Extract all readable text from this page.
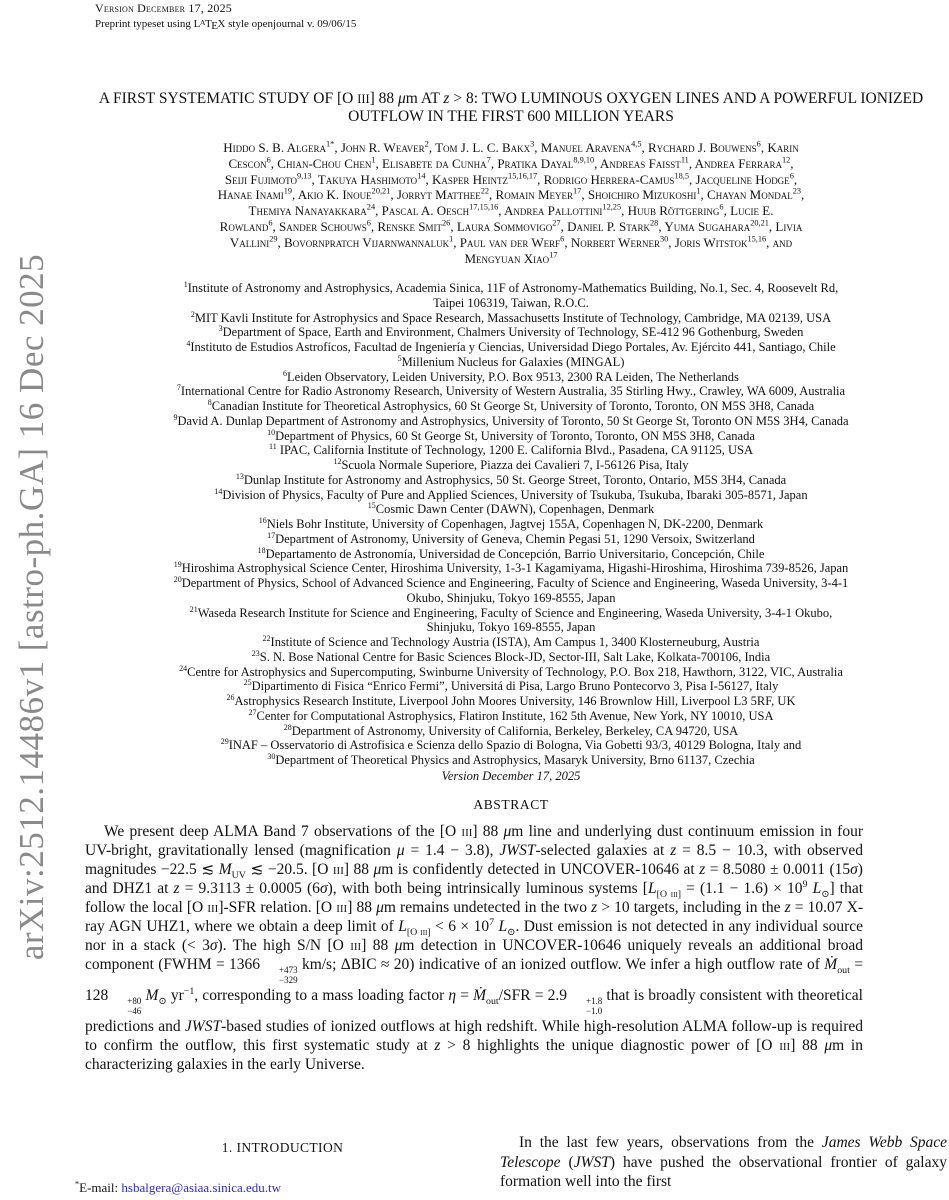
Version December 17, 2025
Preprint typeset using LATEX style openjournal v. 09/06/15
arXiv:2512.14486v1 [astro-ph.GA] 16 Dec 2025
A FIRST SYSTEMATIC STUDY OF [O III] 88 μm AT z > 8: TWO LUMINOUS OXYGEN LINES AND A POWERFUL IONIZED OUTFLOW IN THE FIRST 600 MILLION YEARS
Hiddo S. B. Algera$^{1*}$, John R. Weaver$^2$, Tom J. L. C. Bakx$^3$, Manuel Aravena$^{4,5}$, Rychard J. Bouwens$^6$, Karin
Cescon$^6$, Chian-Chou Chen$^1$, Elisabete da Cunha$^7$, Pratika Dayal$^{8,9,10}$, Andreas Faisst$^{11}$, Andrea Ferrara$^{12}$,
Seiji Fujimoto$^{9,13}$, Takuya Hashimoto$^{14}$, Kasper Heintz$^{15,16,17}$, Rodrigo Herrera-Camus$^{18,5}$, Jacqueline Hodge$^6$,
Hanae Inami$^{19}$, Akio K. Inoue$^{20,21}$, Jorryt Matthee$^{22}$, Romain Meyer$^{17}$, Shoichiro Mizukoshi$^1$, Chayan Mondal$^{23}$,
Themiya Nanayakkara$^{24}$, Pascal A. Oesch$^{17,15,16}$, Andrea Pallottini$^{12,25}$, Huub Röttgering$^6$, Lucie E.
Rowland$^6$, Sander Schouws$^6$, Renske Smit$^{26}$, Laura Sommovigo$^{27}$, Daniel P. Stark$^{28}$, Yuma Sugahara$^{20,21}$, Livia
Vallini$^{29}$, Bovornpratch Vijarnwannaluk$^1$, Paul van der Werf$^6$, Norbert Werner$^{30}$, Joris Witstok$^{15,16}$, and
Mengyuan Xiao$^{17}$
$^1$Institute of Astronomy and Astrophysics, Academia Sinica, 11F of Astronomy-Mathematics Building, No.1, Sec. 4, Roosevelt Rd,
Taipei 106319, Taiwan, R.O.C.
$^2$MIT Kavli Institute for Astrophysics and Space Research, Massachusetts Institute of Technology, Cambridge, MA 02139, USA
$^3$Department of Space, Earth and Environment, Chalmers University of Technology, SE-412 96 Gothenburg, Sweden
$^4$Instituto de Estudios Astrofícos, Facultad de Ingeniería y Ciencias, Universidad Diego Portales, Av. Ejército 441, Santiago, Chile
$^5$Millenium Nucleus for Galaxies (MINGAL)
$^6$Leiden Observatory, Leiden University, P.O. Box 9513, 2300 RA Leiden, The Netherlands
$^7$International Centre for Radio Astronomy Research, University of Western Australia, 35 Stirling Hwy., Crawley, WA 6009, Australia
$^8$Canadian Institute for Theoretical Astrophysics, 60 St George St, University of Toronto, Toronto, ON M5S 3H8, Canada
$^9$David A. Dunlap Department of Astronomy and Astrophysics, University of Toronto, 50 St George St, Toronto ON M5S 3H4, Canada
$^{10}$Department of Physics, 60 St George St, University of Toronto, Toronto, ON M5S 3H8, Canada
$^{11}$ IPAC, California Institute of Technology, 1200 E. California Blvd., Pasadena, CA 91125, USA
$^{12}$Scuola Normale Superiore, Piazza dei Cavalieri 7, I-56126 Pisa, Italy
$^{13}$Dunlap Institute for Astronomy and Astrophysics, 50 St. George Street, Toronto, Ontario, M5S 3H4, Canada
$^{14}$Division of Physics, Faculty of Pure and Applied Sciences, University of Tsukuba, Tsukuba, Ibaraki 305-8571, Japan
$^{15}$Cosmic Dawn Center (DAWN), Copenhagen, Denmark
$^{16}$Niels Bohr Institute, University of Copenhagen, Jagtvej 155A, Copenhagen N, DK-2200, Denmark
$^{17}$Department of Astronomy, University of Geneva, Chemin Pegasi 51, 1290 Versoix, Switzerland
$^{18}$Departamento de Astronomía, Universidad de Concepción, Barrio Universitario, Concepción, Chile
$^{19}$Hiroshima Astrophysical Science Center, Hiroshima University, 1-3-1 Kagamiyama, Higashi-Hiroshima, Hiroshima 739-8526, Japan
$^{20}$Department of Physics, School of Advanced Science and Engineering, Faculty of Science and Engineering, Waseda University, 3-4-1
Okubo, Shinjuku, Tokyo 169-8555, Japan
$^{21}$Waseda Research Institute for Science and Engineering, Faculty of Science and Engineering, Waseda University, 3-4-1 Okubo,
Shinjuku, Tokyo 169-8555, Japan
$^{22}$Institute of Science and Technology Austria (ISTA), Am Campus 1, 3400 Klosterneuburg, Austria
$^{23}$S. N. Bose National Centre for Basic Sciences Block-JD, Sector-III, Salt Lake, Kolkata-700106, India
$^{24}$Centre for Astrophysics and Supercomputing, Swinburne University of Technology, P.O. Box 218, Hawthorn, 3122, VIC, Australia
$^{25}$Dipartimento di Fisica “Enrico Fermi”, Universitá di Pisa, Largo Bruno Pontecorvo 3, Pisa I-56127, Italy
$^{26}$Astrophysics Research Institute, Liverpool John Moores University, 146 Brownlow Hill, Liverpool L3 5RF, UK
$^{27}$Center for Computational Astrophysics, Flatiron Institute, 162 5th Avenue, New York, NY 10010, USA
$^{28}$Department of Astronomy, University of California, Berkeley, Berkeley, CA 94720, USA
$^{29}$INAF – Osservatorio di Astrofisica e Scienza dello Spazio di Bologna, Via Gobetti 93/3, 40129 Bologna, Italy and
$^{30}$Department of Theoretical Physics and Astrophysics, Masaryk University, Brno 61137, Czechia
Version December 17, 2025
ABSTRACT
We present deep ALMA Band 7 observations of the [O iii] 88 μm line and underlying dust continuum emission in four UV-bright, gravitationally lensed (magnification μ = 1.4 − 3.8), JWST-selected galaxies at z = 8.5 − 10.3, with observed magnitudes −22.5 ≲ $M_{UV}$ ≲ −20.5. [O iii] 88 μm is confidently detected in UNCOVER-10646 at z = 8.5080 ± 0.0011 (15σ) and DHZ1 at z = 9.3113 ± 0.0005 (6σ), with both being intrinsically luminous systems [$L_{[O iii]} = (1.1 - 1.6) \times 10^9$ $L_⊙$] that follow the local [O iii]-SFR relation. [O iii] 88 μm remains undetected in the two z > 10 targets, including in the z = 10.07 X-ray AGN UHZ1, where we obtain a deep limit of $L_{[O iii]} < 6 \times 10^7$ $L_⊙$. Dust emission is not detected in any individual source nor in a stack (< 3σ). The high S/N [O iii] 88 μm detection in UNCOVER-10646 uniquely reveals an additional broad component (FWHM = 1366	+473
−329
km/s; ΔBIC ≈ 20) indicative of an ionized outflow. We infer a high outflow rate of Ṁ$_{out}$ = 128	+80
−46
$M_⊙$ $yr^{-1}$, corresponding to a mass loading factor η = Ṁ$_{out}$/SFR = 2.9	+1.8
−1.0
that is broadly consistent with theoretical predictions and JWST-based studies of ionized outflows at high redshift. While high-resolution ALMA follow-up is required to confirm the outflow, this first systematic study at z > 8 highlights the unique diagnostic power of [O iii] 88 μm in characterizing galaxies in the early Universe.
1. INTRODUCTION	In the last few years, observations from the James Webb Space Telescope (JWST) have pushed the observational frontier of galaxy formation well into the first
*E-mail: hsbalgera@asiaa.sinica.edu.tw
